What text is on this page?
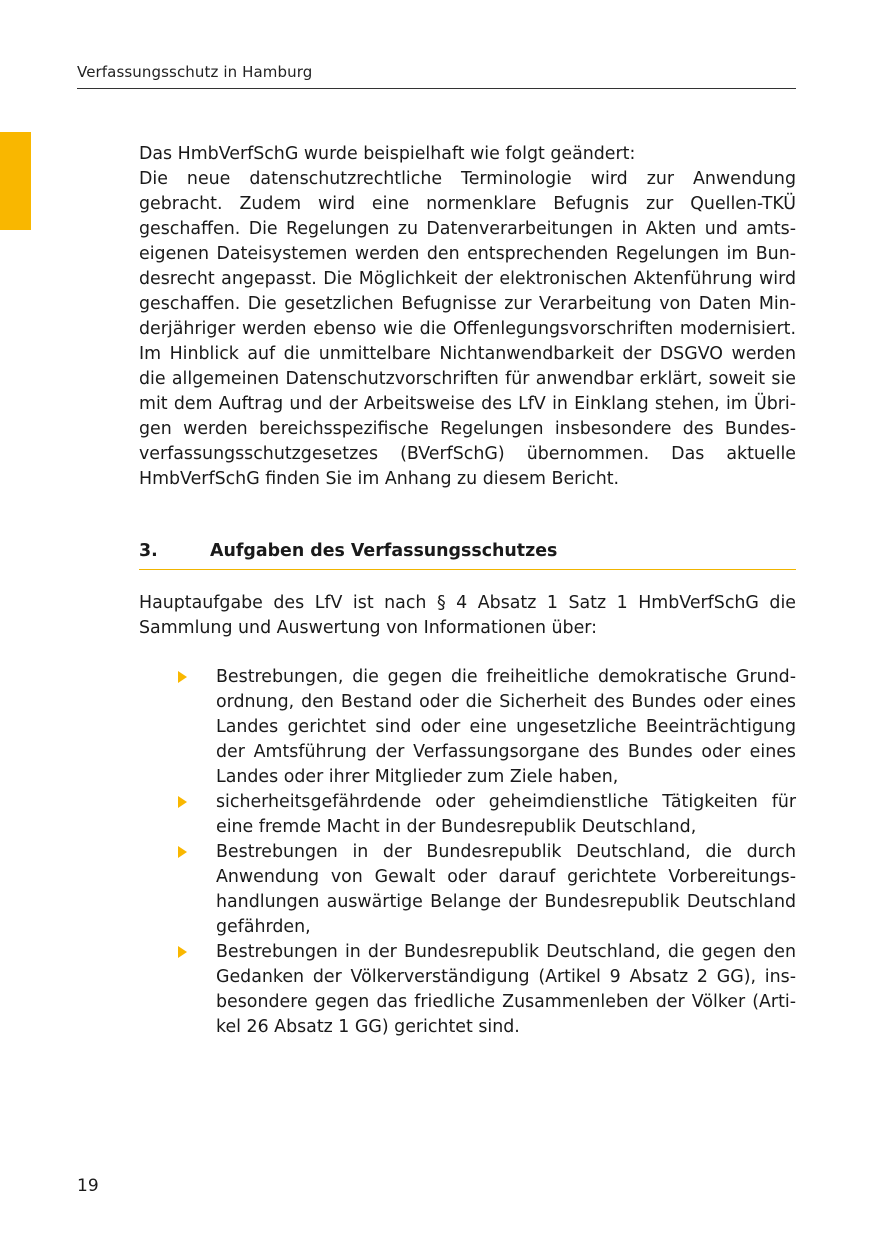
Verfassungsschutz in Hamburg

Das HmbVerfSchG wurde beispielhaft wie folgt geändert:
Die neue datenschutzrechtliche Terminologie wird zur Anwendung gebracht. Zudem wird eine normenklare Befugnis zur Quellen-TKÜ geschaffen. Die Regelungen zu Datenverarbeitungen in Akten und amtseigenen Dateisystemen werden den entsprechenden Regelungen im Bundesrecht angepasst. Die Möglichkeit der elektronischen Aktenführung wird geschaffen. Die gesetzlichen Befugnisse zur Verarbeitung von Daten Minderjähriger werden ebenso wie die Offenlegungsvorschriften modernisiert. Im Hinblick auf die unmittelbare Nichtanwendbarkeit der DSGVO werden die allgemeinen Datenschutzvorschriften für anwendbar erklärt, soweit sie mit dem Auftrag und der Arbeitsweise des LfV in Einklang stehen, im Übrigen werden bereichsspezifische Regelungen insbesondere des Bundesverfassungsschutzgesetzes (BVerfSchG) übernommen. Das aktuelle HmbVerfSchG finden Sie im Anhang zu diesem Bericht.

3.	Aufgaben des Verfassungsschutzes

Hauptaufgabe des LfV ist nach § 4 Absatz 1 Satz 1 HmbVerfSchG die Sammlung und Auswertung von Informationen über:

Bestrebungen, die gegen die freiheitliche demokratische Grundordnung, den Bestand oder die Sicherheit des Bundes oder eines Landes gerichtet sind oder eine ungesetzliche Beeinträchtigung der Amtsführung der Verfassungsorgane des Bundes oder eines Landes oder ihrer Mitglieder zum Ziele haben,
sicherheitsgefährdende oder geheimdienstliche Tätigkeiten für eine fremde Macht in der Bundesrepublik Deutschland,
Bestrebungen in der Bundesrepublik Deutschland, die durch Anwendung von Gewalt oder darauf gerichtete Vorbereitungshandlungen auswärtige Belange der Bundesrepublik Deutschland gefährden,
Bestrebungen in der Bundesrepublik Deutschland, die gegen den Gedanken der Völkerverständigung (Artikel 9 Absatz 2 GG), insbesondere gegen das friedliche Zusammenleben der Völker (Artikel 26 Absatz 1 GG) gerichtet sind.
19
